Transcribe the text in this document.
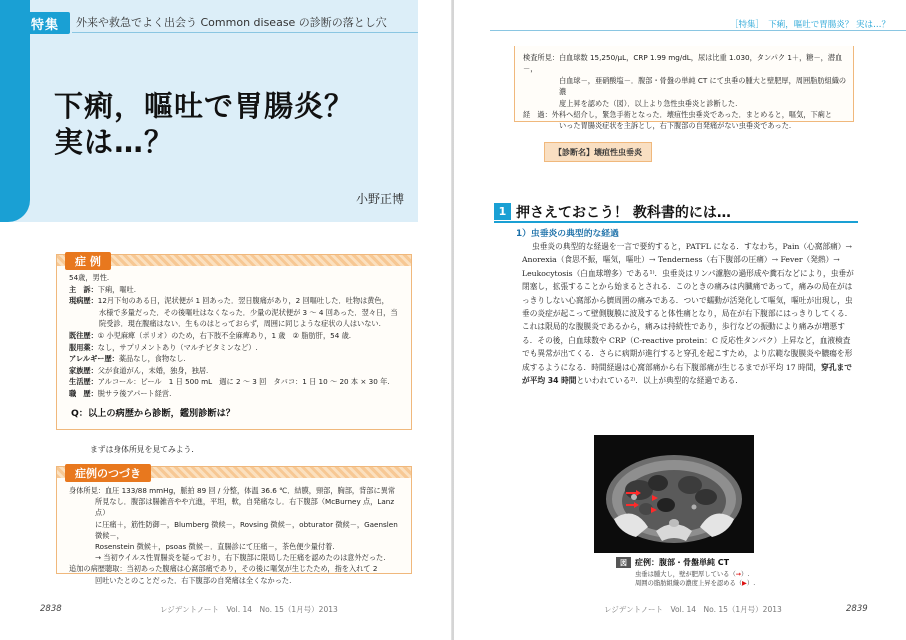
特集	外来や救急でよく出会う Common disease の診断の落とし穴
下痢，嘔吐で胃腸炎？
実は…？
小野正博
症 例
54歳，男性.
主　訴：下痢，嘔吐.
現病歴：12月下旬のある日，泥状便が 1 回あった．翌日腹痛があり，2 回嘔吐した．吐物は黄色，
水様で多量だった．その後嘔吐はなくなった．少量の泥状便が 3 ～ 4 回あった．翌々日，当
院受診．現在腹痛はない．生ものはとっておらず，周囲に同じような症状の人はいない.
既往歴：① 小児麻痺（ポリオ）のため，右下肢不全麻痺あり，1 歳　② 脂肪肝，54 歳.
服用薬：なし，サプリメントあり（マルチビタミンなど）.
アレルギー歴：薬品なし，食物なし.
家族歴：父が食道がん，未婚，独身，独居.
生活歴：アルコール：ビール　1 日 500 mL　週に 2 ～ 3 回　タバコ：1 日 10 ～ 20 本 × 30 年.
職　歴：脱サラ後アパート経営.
Q：以上の病歴から診断，鑑別診断は？
まずは身体所見を見てみよう．
症例のつづき
身体所見：血圧 133/88 mmHg，脈拍 89 回 / 分整，体温 36.6 ℃．結膜，頸部，胸部，背部に異常
所見なし．腹部は腸雑音やや亢進，平坦，軟，自発痛なし．右下腹部（McBurney 点，Lanz 点）
に圧痛＋，筋性防御－，Blumberg 徴候－，Rovsing 徴候－，obturator 徴候－，Gaenslen 徴候－，
Rosenstein 徴候＋，psoas 徴候－．直腸診にて圧痛－，茶色便少量付着.
→ 当初ウイルス性胃腸炎を疑っており，右下腹部に限局した圧痛を認めたのは意外だった.
追加の病歴聴取：当初あった腹痛は心窩部痛であり，その後に嘔気が生じたため，指を入れて 2
回吐いたとのことだった．右下腹部の自発痛は全くなかった.
2838	レジデントノート　Vol. 14　No. 15（1月号）2013
［特集］　下痢，嘔吐で胃腸炎？ 実は…？
検査所見：白血球数 15,250/μL，CRP 1.99 mg/dL，尿は比重 1.030，タンパク 1＋，糖－，潜血－，
白血球－，亜硝酸塩－．腹部・骨盤の単純 CT にて虫垂の腫大と壁肥厚，周囲脂肪組織の濃
度上昇を認めた（図）．以上より急性虫垂炎と診断した.
経　過：外科へ紹介し，緊急手術となった．壊疽性虫垂炎であった．まとめると，嘔気，下痢と
いった胃腸炎症状を主訴とし，右下腹部の自発痛がない虫垂炎であった.
【診断名】壊疽性虫垂炎
1 押さえておこう！ 教科書的には…
1）虫垂炎の典型的な経過
虫垂炎の典型的な経過を一言で要約すると，PATFL になる．すなわち，Pain（心窩部痛）→ Anorexia（食思不振，嘔気，嘔吐）→ Tenderness（右下腹部の圧痛）→ Fever（発熱）→ Leukocytosis（白血球増多）である¹⁾．虫垂炎はリンパ濾胞の過形成や糞石などにより，虫垂が閉塞し，拡張することから始まるとされる．このときの痛みは内臓痛であって，痛みの局在がはっきりしない心窩部から臍周囲の痛みである．ついで蠕動が活発化して嘔気，嘔吐が出現し，虫垂の炎症が起こって壁側腹膜に波及すると体性痛となり，局在が右下腹部にはっきりしてくる．これは限局的な腹膜炎であるから，痛みは持続性であり，歩行などの振動により痛みが増悪する．その後，白血球数や CRP（C-reactive protein：C 反応性タンパク）上昇など，血液検査でも異常が出てくる．さらに病期が進行すると穿孔を起こすため，より広範な腹膜炎や膿瘍を形成するようになる．時間経過は心窩部痛から右下腹部痛が生じるまでが平均 17 時間，穿孔までが平均 34 時間といわれている²⁾．以上が典型的な経過である．
図	症例：腹部・骨盤単純 CT
虫垂は腫大し，壁が肥厚している（→）.
周囲の脂肪組織の濃度上昇を認める（▶）.
レジデントノート　Vol. 14　No. 15（1月号）2013	2839
